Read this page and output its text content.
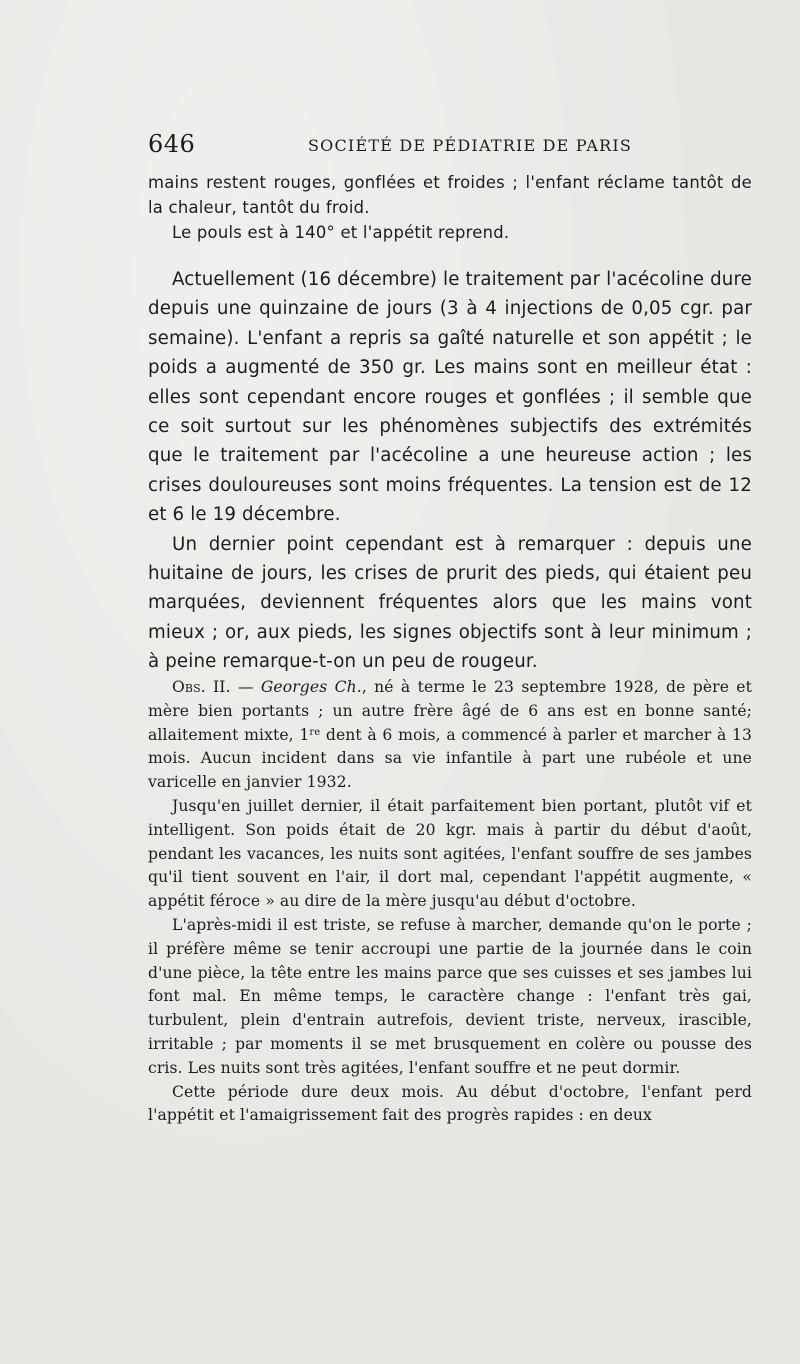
646	SOCIÉTÉ DE PÉDIATRIE DE PARIS

mains restent rouges, gonflées et froides ; l'enfant réclame tantôt de la chaleur, tantôt du froid.

Le pouls est à 140° et l'appétit reprend.

Actuellement (16 décembre) le traitement par l'acécoline dure depuis une quinzaine de jours (3 à 4 injections de 0,05 cgr. par semaine). L'enfant a repris sa gaîté naturelle et son appétit ; le poids a augmenté de 350 gr. Les mains sont en meilleur état : elles sont cependant encore rouges et gonflées ; il semble que ce soit surtout sur les phénomènes subjectifs des extrémités que le traitement par l'acécoline a une heureuse action ; les crises douloureuses sont moins fréquentes. La tension est de 12 et 6 le 19 décembre.

Un dernier point cependant est à remarquer : depuis une huitaine de jours, les crises de prurit des pieds, qui étaient peu marquées, deviennent fréquentes alors que les mains vont mieux ; or, aux pieds, les signes objectifs sont à leur minimum ; à peine remarque-t-on un peu de rougeur.

Obs. II. — Georges Ch., né à terme le 23 septembre 1928, de père et mère bien portants ; un autre frère âgé de 6 ans est en bonne santé; allaitement mixte, 1re dent à 6 mois, a commencé à parler et marcher à 13 mois. Aucun incident dans sa vie infantile à part une rubéole et une varicelle en janvier 1932.

Jusqu'en juillet dernier, il était parfaitement bien portant, plutôt vif et intelligent. Son poids était de 20 kgr. mais à partir du début d'août, pendant les vacances, les nuits sont agitées, l'enfant souffre de ses jambes qu'il tient souvent en l'air, il dort mal, cependant l'appétit augmente, « appétit féroce » au dire de la mère jusqu'au début d'octobre.

L'après-midi il est triste, se refuse à marcher, demande qu'on le porte ; il préfère même se tenir accroupi une partie de la journée dans le coin d'une pièce, la tête entre les mains parce que ses cuisses et ses jambes lui font mal. En même temps, le caractère change : l'enfant très gai, turbulent, plein d'entrain autrefois, devient triste, nerveux, irascible, irritable ; par moments il se met brusquement en colère ou pousse des cris. Les nuits sont très agitées, l'enfant souffre et ne peut dormir.

Cette période dure deux mois. Au début d'octobre, l'enfant perd l'appétit et l'amaigrissement fait des progrès rapides : en deux
